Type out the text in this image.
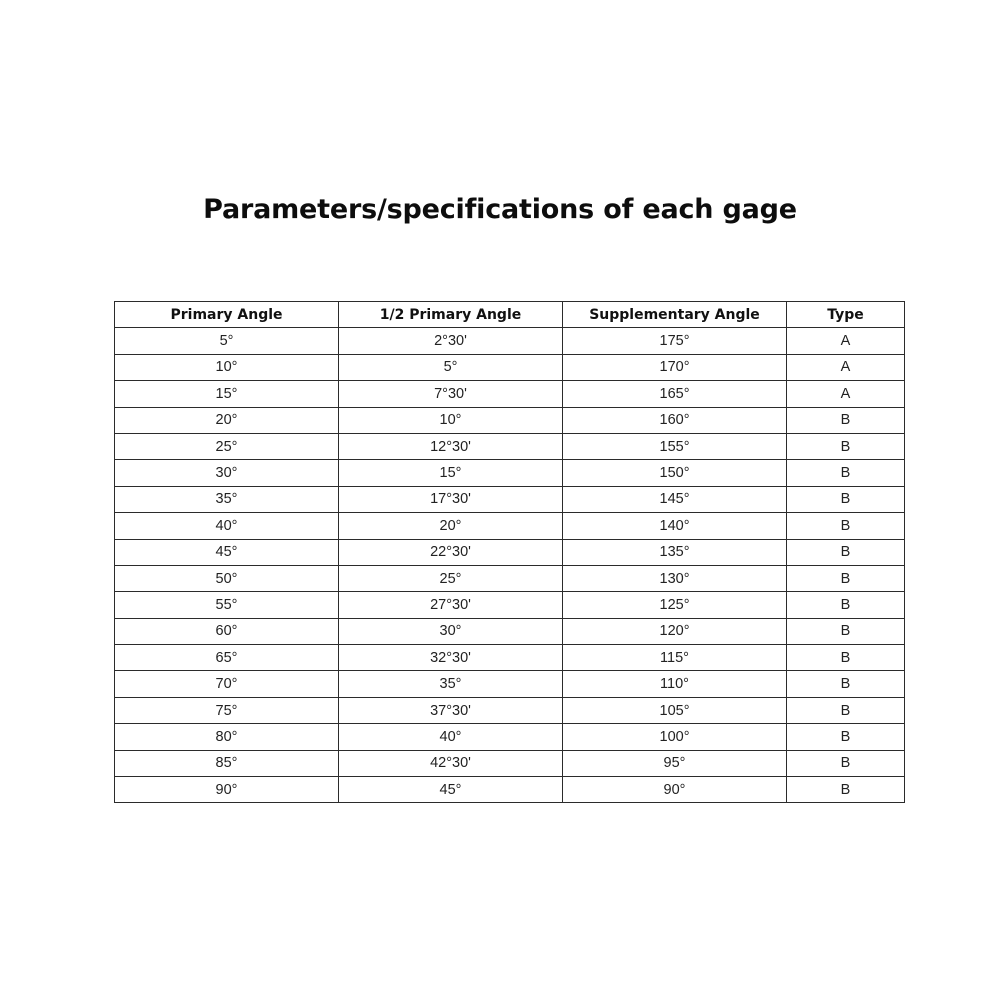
Parameters/specifications of each gage
Primary Angle	1/2 Primary Angle	Supplementary Angle	Type
5°	2°30'	175°	A
10°	5°	170°	A
15°	7°30'	165°	A
20°	10°	160°	B
25°	12°30'	155°	B
30°	15°	150°	B
35°	17°30'	145°	B
40°	20°	140°	B
45°	22°30'	135°	B
50°	25°	130°	B
55°	27°30'	125°	B
60°	30°	120°	B
65°	32°30'	115°	B
70°	35°	110°	B
75°	37°30'	105°	B
80°	40°	100°	B
85°	42°30'	95°	B
90°	45°	90°	B
